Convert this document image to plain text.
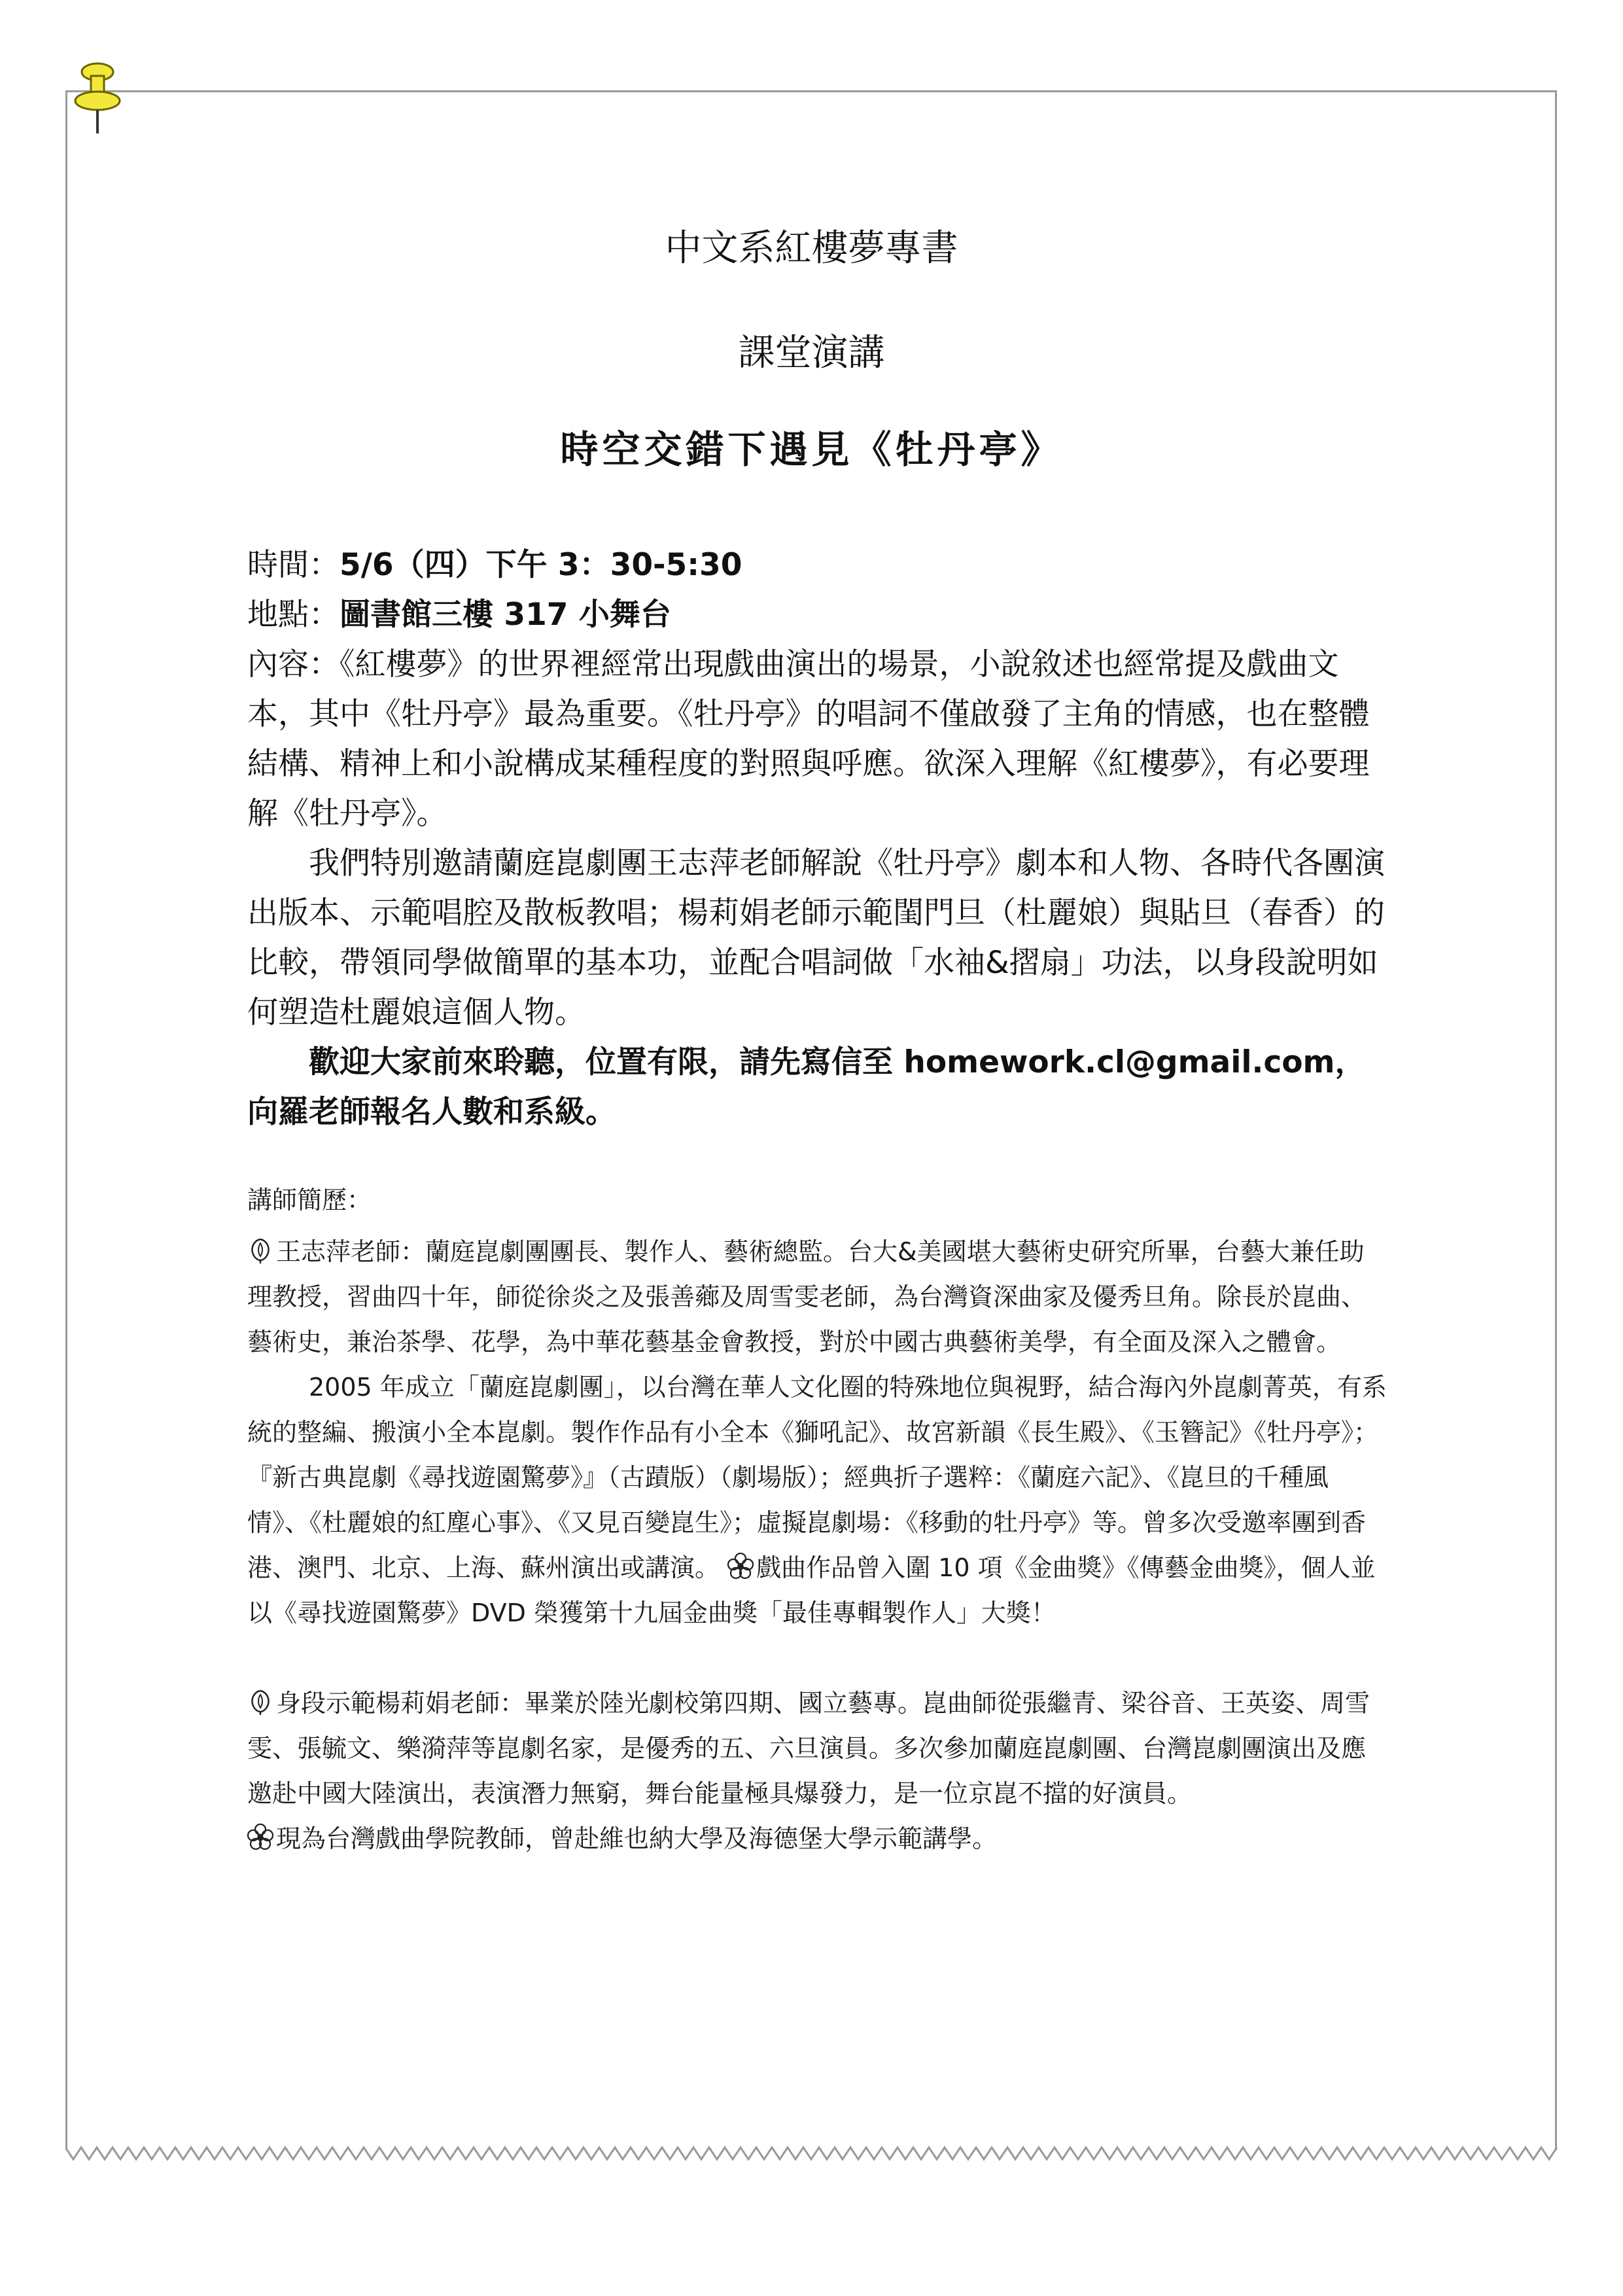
中文系紅樓夢專書
課堂演講
時空交錯下遇見《牡丹亭》

時間：5/6（四）下午 3：30-5:30

地點：圖書館三樓 317 小舞台

內容：《紅樓夢》的世界裡經常出現戲曲演出的場景，小說敘述也經常提及戲曲文本，其中《牡丹亭》最為重要。《牡丹亭》的唱詞不僅啟發了主角的情感，也在整體結構、精神上和小說構成某種程度的對照與呼應。欲深入理解《紅樓夢》，有必要理解《牡丹亭》。

我們特別邀請蘭庭崑劇團王志萍老師解說《牡丹亭》劇本和人物、各時代各團演出版本、示範唱腔及散板教唱；楊莉娟老師示範閨門旦（杜麗娘）與貼旦（春香）的比較，帶領同學做簡單的基本功，並配合唱詞做「水袖&摺扇」功法，以身段說明如何塑造杜麗娘這個人物。

歡迎大家前來聆聽，位置有限，請先寫信至 homework.cl@gmail.com，向羅老師報名人數和系級。

講師簡歷：

王志萍老師：蘭庭崑劇團團長、製作人、藝術總監。台大&美國堪大藝術史研究所畢，台藝大兼任助理教授，習曲四十年，師從徐炎之及張善薌及周雪雯老師，為台灣資深曲家及優秀旦角。除長於崑曲、藝術史，兼治茶學、花學，為中華花藝基金會教授，對於中國古典藝術美學，有全面及深入之體會。

2005 年成立「蘭庭崑劇團」，以台灣在華人文化圈的特殊地位與視野，結合海內外崑劇菁英，有系統的整編、搬演小全本崑劇。製作作品有小全本《獅吼記》、故宮新韻《長生殿》、《玉簪記》《牡丹亭》；『新古典崑劇《尋找遊園驚夢》』（古蹟版）（劇場版）；經典折子選粹：《蘭庭六記》、《崑旦的千種風情》、《杜麗娘的紅塵心事》、《又見百變崑生》；虛擬崑劇場：《移動的牡丹亭》等。曾多次受邀率團到香港、澳門、北京、上海、蘇州演出或講演。 戲曲作品曾入圍 10 項《金曲獎》《傳藝金曲獎》，個人並以《尋找遊園驚夢》DVD 榮獲第十九屆金曲獎「最佳專輯製作人」大獎！

身段示範楊莉娟老師：畢業於陸光劇校第四期、國立藝專。崑曲師從張繼青、梁谷音、王英姿、周雪雯、張毓文、樂漪萍等崑劇名家，是優秀的五、六旦演員。多次參加蘭庭崑劇團、台灣崑劇團演出及應邀赴中國大陸演出，表演潛力無窮，舞台能量極具爆發力，是一位京崑不擋的好演員。

現為台灣戲曲學院教師，曾赴維也納大學及海德堡大學示範講學。
